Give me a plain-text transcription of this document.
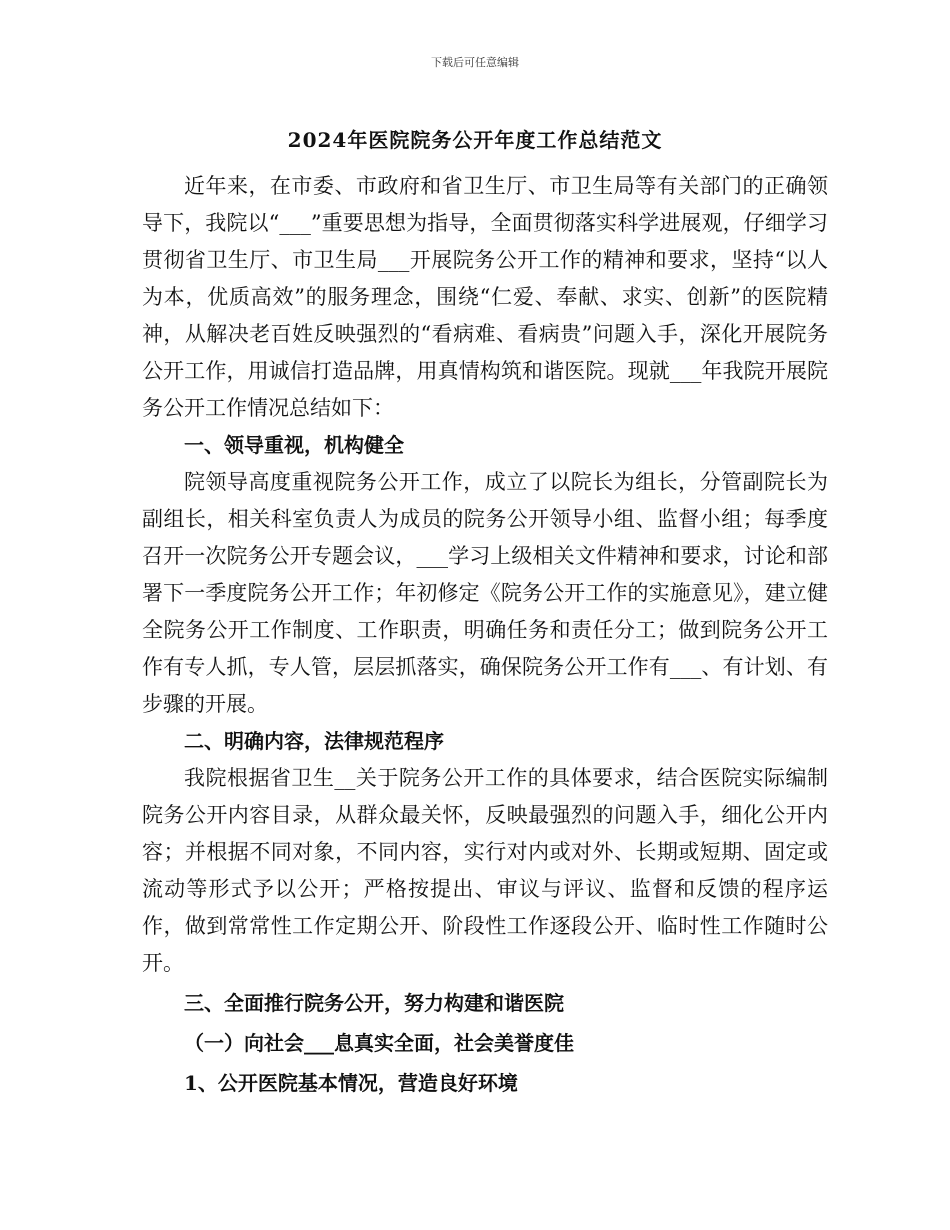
下载后可任意编辑
2024年医院院务公开年度工作总结范文

近年来，在市委、市政府和省卫生厅、市卫生局等有关部门的正确领导下，我院以“___”重要思想为指导，全面贯彻落实科学进展观，仔细学习贯彻省卫生厅、市卫生局___开展院务公开工作的精神和要求，坚持“以人为本，优质高效”的服务理念，围绕“仁爱、奉献、求实、创新”的医院精神，从解决老百姓反映强烈的“看病难、看病贵”问题入手，深化开展院务公开工作，用诚信打造品牌，用真情构筑和谐医院。现就___年我院开展院务公开工作情况总结如下：

一、领导重视，机构健全

院领导高度重视院务公开工作，成立了以院长为组长，分管副院长为副组长，相关科室负责人为成员的院务公开领导小组、监督小组；每季度召开一次院务公开专题会议，___学习上级相关文件精神和要求，讨论和部署下一季度院务公开工作；年初修定《院务公开工作的实施意见》，建立健全院务公开工作制度、工作职责，明确任务和责任分工；做到院务公开工作有专人抓，专人管，层层抓落实，确保院务公开工作有___、有计划、有步骤的开展。

二、明确内容，法律规范程序

我院根据省卫生__关于院务公开工作的具体要求，结合医院实际编制院务公开内容目录，从群众最关怀，反映最强烈的问题入手，细化公开内容；并根据不同对象，不同内容，实行对内或对外、长期或短期、固定或流动等形式予以公开；严格按提出、审议与评议、监督和反馈的程序运作，做到常常性工作定期公开、阶段性工作逐段公开、临时性工作随时公开。

三、全面推行院务公开，努力构建和谐医院

（一）向社会___息真实全面，社会美誉度佳

1、公开医院基本情况，营造良好环境
